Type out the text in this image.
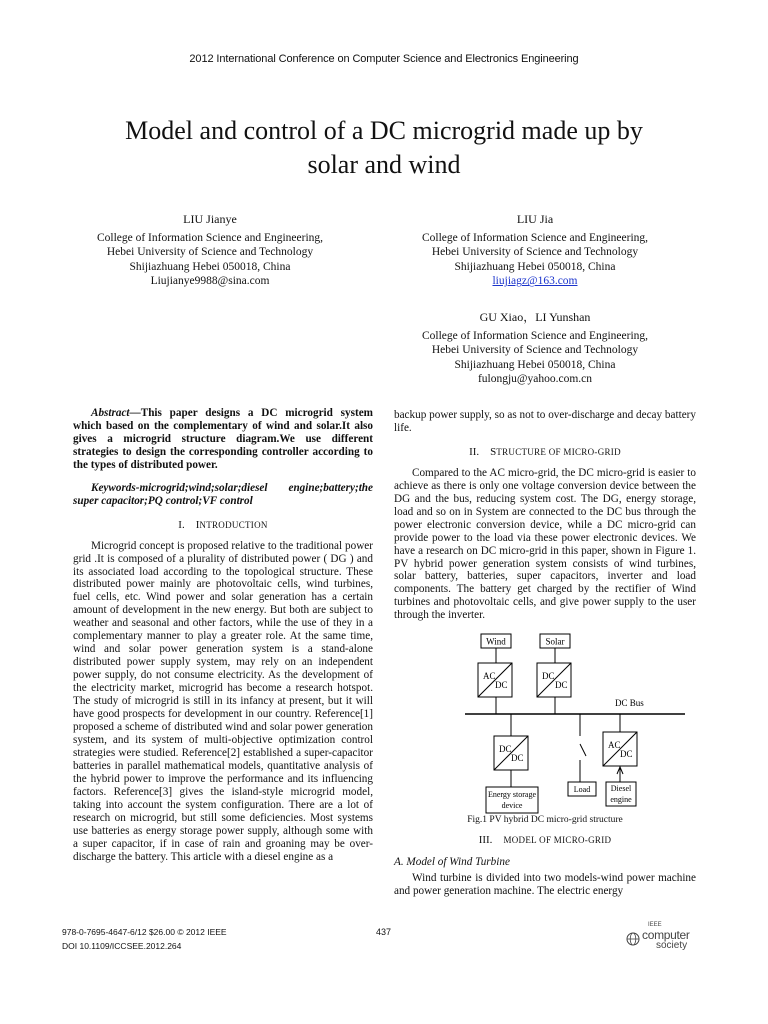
2012 International Conference on Computer Science and Electronics Engineering
Model and control of a DC microgrid made up by
solar and wind
LIU Jianye
College of Information Science and Engineering,
Hebei University of Science and Technology
Shijiazhuang Hebei 050018, China
Liujianye9988@sina.com
LIU Jia
College of Information Science and Engineering,
Hebei University of Science and Technology
Shijiazhuang Hebei 050018, China
liujiagz@163.com
GU Xiao，LI Yunshan
College of Information Science and Engineering,
Hebei University of Science and Technology
Shijiazhuang Hebei 050018, China
fulongju@yahoo.com.cn

Abstract—This paper designs a DC microgrid system which based on the complementary of wind and solar.It also gives a microgrid structure diagram.We use different strategies to design the corresponding controller according to the types of distributed power.

Keywords-microgrid;wind;solar;diesel engine;battery;the super capacitor;PQ control;VF control

I. INTRODUCTION

Microgrid concept is proposed relative to the traditional power grid .It is composed of a plurality of distributed power ( DG ) and its associated load according to the topological structure. These distributed power mainly are photovoltaic cells, wind turbines, fuel cells, etc. Wind power and solar generation has a certain amount of development in the new energy. But both are subject to weather and seasonal and other factors, while the use of they in a complementary manner to play a greater role. At the same time, wind and solar power generation system is a stand-alone distributed power supply system, may rely on an independent power supply, do not consume electricity. As the development of the electricity market, microgrid has become a research hotspot. The study of microgrid is still in its infancy at present, but it will have good prospects for development in our country. Reference[1] proposed a scheme of distributed wind and solar power generation system, and its system of multi-objective optimization control strategies were studied. Reference[2] established a super-capacitor batteries in parallel mathematical models, quantitative analysis of the hybrid power to improve the performance and its influencing factors. Reference[3] gives the island-style microgrid model, taking into account the system configuration. There are a lot of research on microgrid, but still some deficiencies. Most systems use batteries as energy storage power supply, although some with a super capacitor, if in case of rain and groaning may be over-discharge the battery. This article with a diesel engine as a

backup power supply, so as not to over-discharge and decay battery life.

II. STRUCTURE OF MICRO-GRID

Compared to the AC micro-grid, the DC micro-grid is easier to achieve as there is only one voltage conversion device between the DG and the bus, reducing system cost. The DG, energy storage, load and so on in System are connected to the DC bus through the power electronic conversion device, while a DC micro-grid can provide power to the load via these power electronic devices. We have a research on DC micro-grid in this paper, shown in Figure 1. PV hybrid power generation system consists of wind turbines, solar battery, batteries, super capacitors, inverter and load components. The battery get charged by the rectifier of Wind turbines and photovoltaic cells, and give power supply to the user through the inverter.

Wind	Solar
AC
DC
DC
DC
DC Bus
DC
DC
AC
DC
Energy storage
device
Load	Diesel
engine
Fig.1 PV hybrid DC micro-grid structure

III. MODEL OF MICRO-GRID

A. Model of Wind Turbine

Wind turbine is divided into two models-wind power machine and power generation machine. The electric energy

978-0-7695-4647-6/12 $26.00 © 2012 IEEE
DOI 10.1109/ICCSEE.2012.264
437
IEEE
computer
society
